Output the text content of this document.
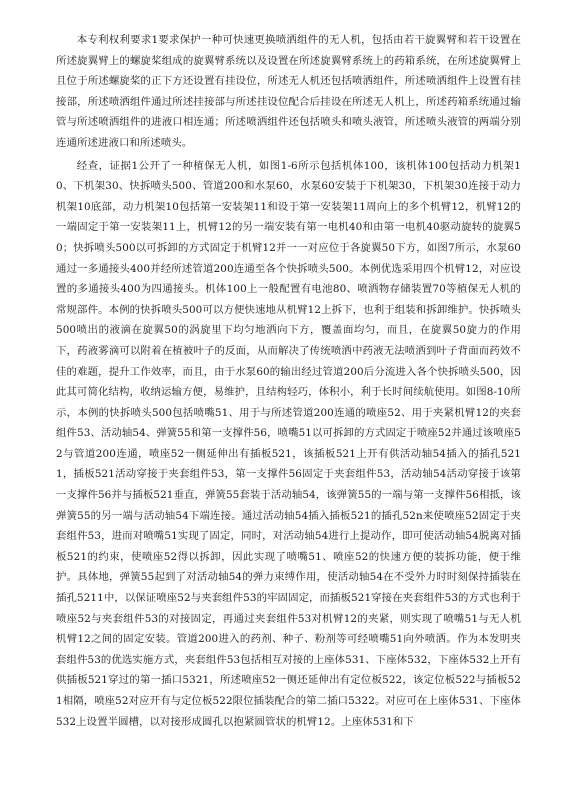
本专利权利要求1要求保护一种可快速更换喷洒组件的无人机，包括由若干旋翼臂和若干设置在所述旋翼臂上的螺旋桨组成的旋翼臂系统以及设置在所述旋翼臂系统上的药箱系统，在所述旋翼臂上且位于所述螺旋桨的正下方还设置有挂设位，所述无人机还包括喷洒组件，所述喷洒组件上设置有挂接部，所述喷洒组件通过所述挂接部与所述挂设位配合后挂设在所述无人机上，所述药箱系统通过输管与所述喷洒组件的进液口相连通；所述喷洒组件还包括喷头和喷头液管，所述喷头液管的两端分别连通所述进液口和所述喷头。

经查，证据1公开了一种植保无人机，如图1-6所示包括机体100，该机体100包括动力机架10、下机架30、快拆喷头500、管道200和水泵60，水泵60安装于下机架30，下机架30连接于动力机架10底部，动力机架10包括第一安装架11和设于第一安装架11周向上的多个机臂12，机臂12的一端固定于第一安装架11上，机臂12的另一端安装有第一电机40和由第一电机40驱动旋转的旋翼50；快拆喷头500以可拆卸的方式固定于机臂12并一一对应位于各旋翼50下方，如图7所示，水泵60通过一多通接头400并经所述管道200连通至各个快拆喷头500。本例优选采用四个机臂12，对应设置的多通接头400为四通接头。机体100上一般配置有电池80、喷洒物存储装置70等植保无人机的常规部件。本例的快拆喷头500可以方便快速地从机臂12上拆下，也利于组装和拆卸维护。快拆喷头500喷出的液滴在旋翼50的涡旋里下均匀地洒向下方，覆盖面均匀，而且，在旋翼50旋力的作用下，药液雾滴可以附着在植被叶子的反面，从而解决了传统喷洒中药液无法喷洒到叶子背面而药效不佳的难题，提升工作效率，而且，由于水泵60的输出经过管道200后分流进入各个快拆喷头500，因此其可简化结构，收纳运输方便，易维护，且结构轻巧，体积小，利于长时间续航使用。如图8-10所示，本例的快拆喷头500包括喷嘴51、用于与所述管道200连通的喷座52、用于夹紧机臂12的夹套组件53、活动轴54、弹簧55和第一支撑件56，喷嘴51以可拆卸的方式固定于喷座52并通过该喷座52与管道200连通，喷座52一侧延伸出有插板521，该插板521上开有供活动轴54插入的插孔5211，插板521活动穿接于夹套组件53，第一支撑件56固定于夹套组件53，活动轴54活动穿接于该第一支撑件56并与插板521垂直，弹簧55套装于活动轴54，该弹簧55的一端与第一支撑件56相抵，该弹簧55的另一端与活动轴54下端连接。通过活动轴54插入插板521的插孔52n来使喷座52固定于夹套组件53，进而对喷嘴51实现了固定，同时，对活动轴54进行上提动作，即可使活动轴54脱离对插板521的约束，使喷座52得以拆卸，因此实现了喷嘴51、喷座52的快速方便的装拆功能，便于维护。具体地，弹簧55起到了对活动轴54的弹力束缚作用，使活动轴54在不受外力时时刻保持插装在插孔5211中，以保证喷座52与夹套组件53的牢固固定，而插板521穿接在夹套组件53的方式也利于喷座52与夹套组件53的对接固定，再通过夹套组件53对机臂12的夹紧，则实现了喷嘴51与无人机机臂12之间的固定安装。管道200进入的药剂、种子、粉剂等可经喷嘴51向外喷洒。作为本发明夹套组件53的优选实施方式，夹套组件53包括相互对接的上座体531、下座体532，下座体532上开有供插板521穿过的第一插口5321，所述喷座52一侧还延伸出有定位板522，该定位板522与插板521相隔，喷座52对应开有与定位板522限位插装配合的第二插口5322。对应可在上座体531、下座体532上设置半圆槽，以对接形成圆孔以抱紧圆管状的机臂12。上座体531和下
